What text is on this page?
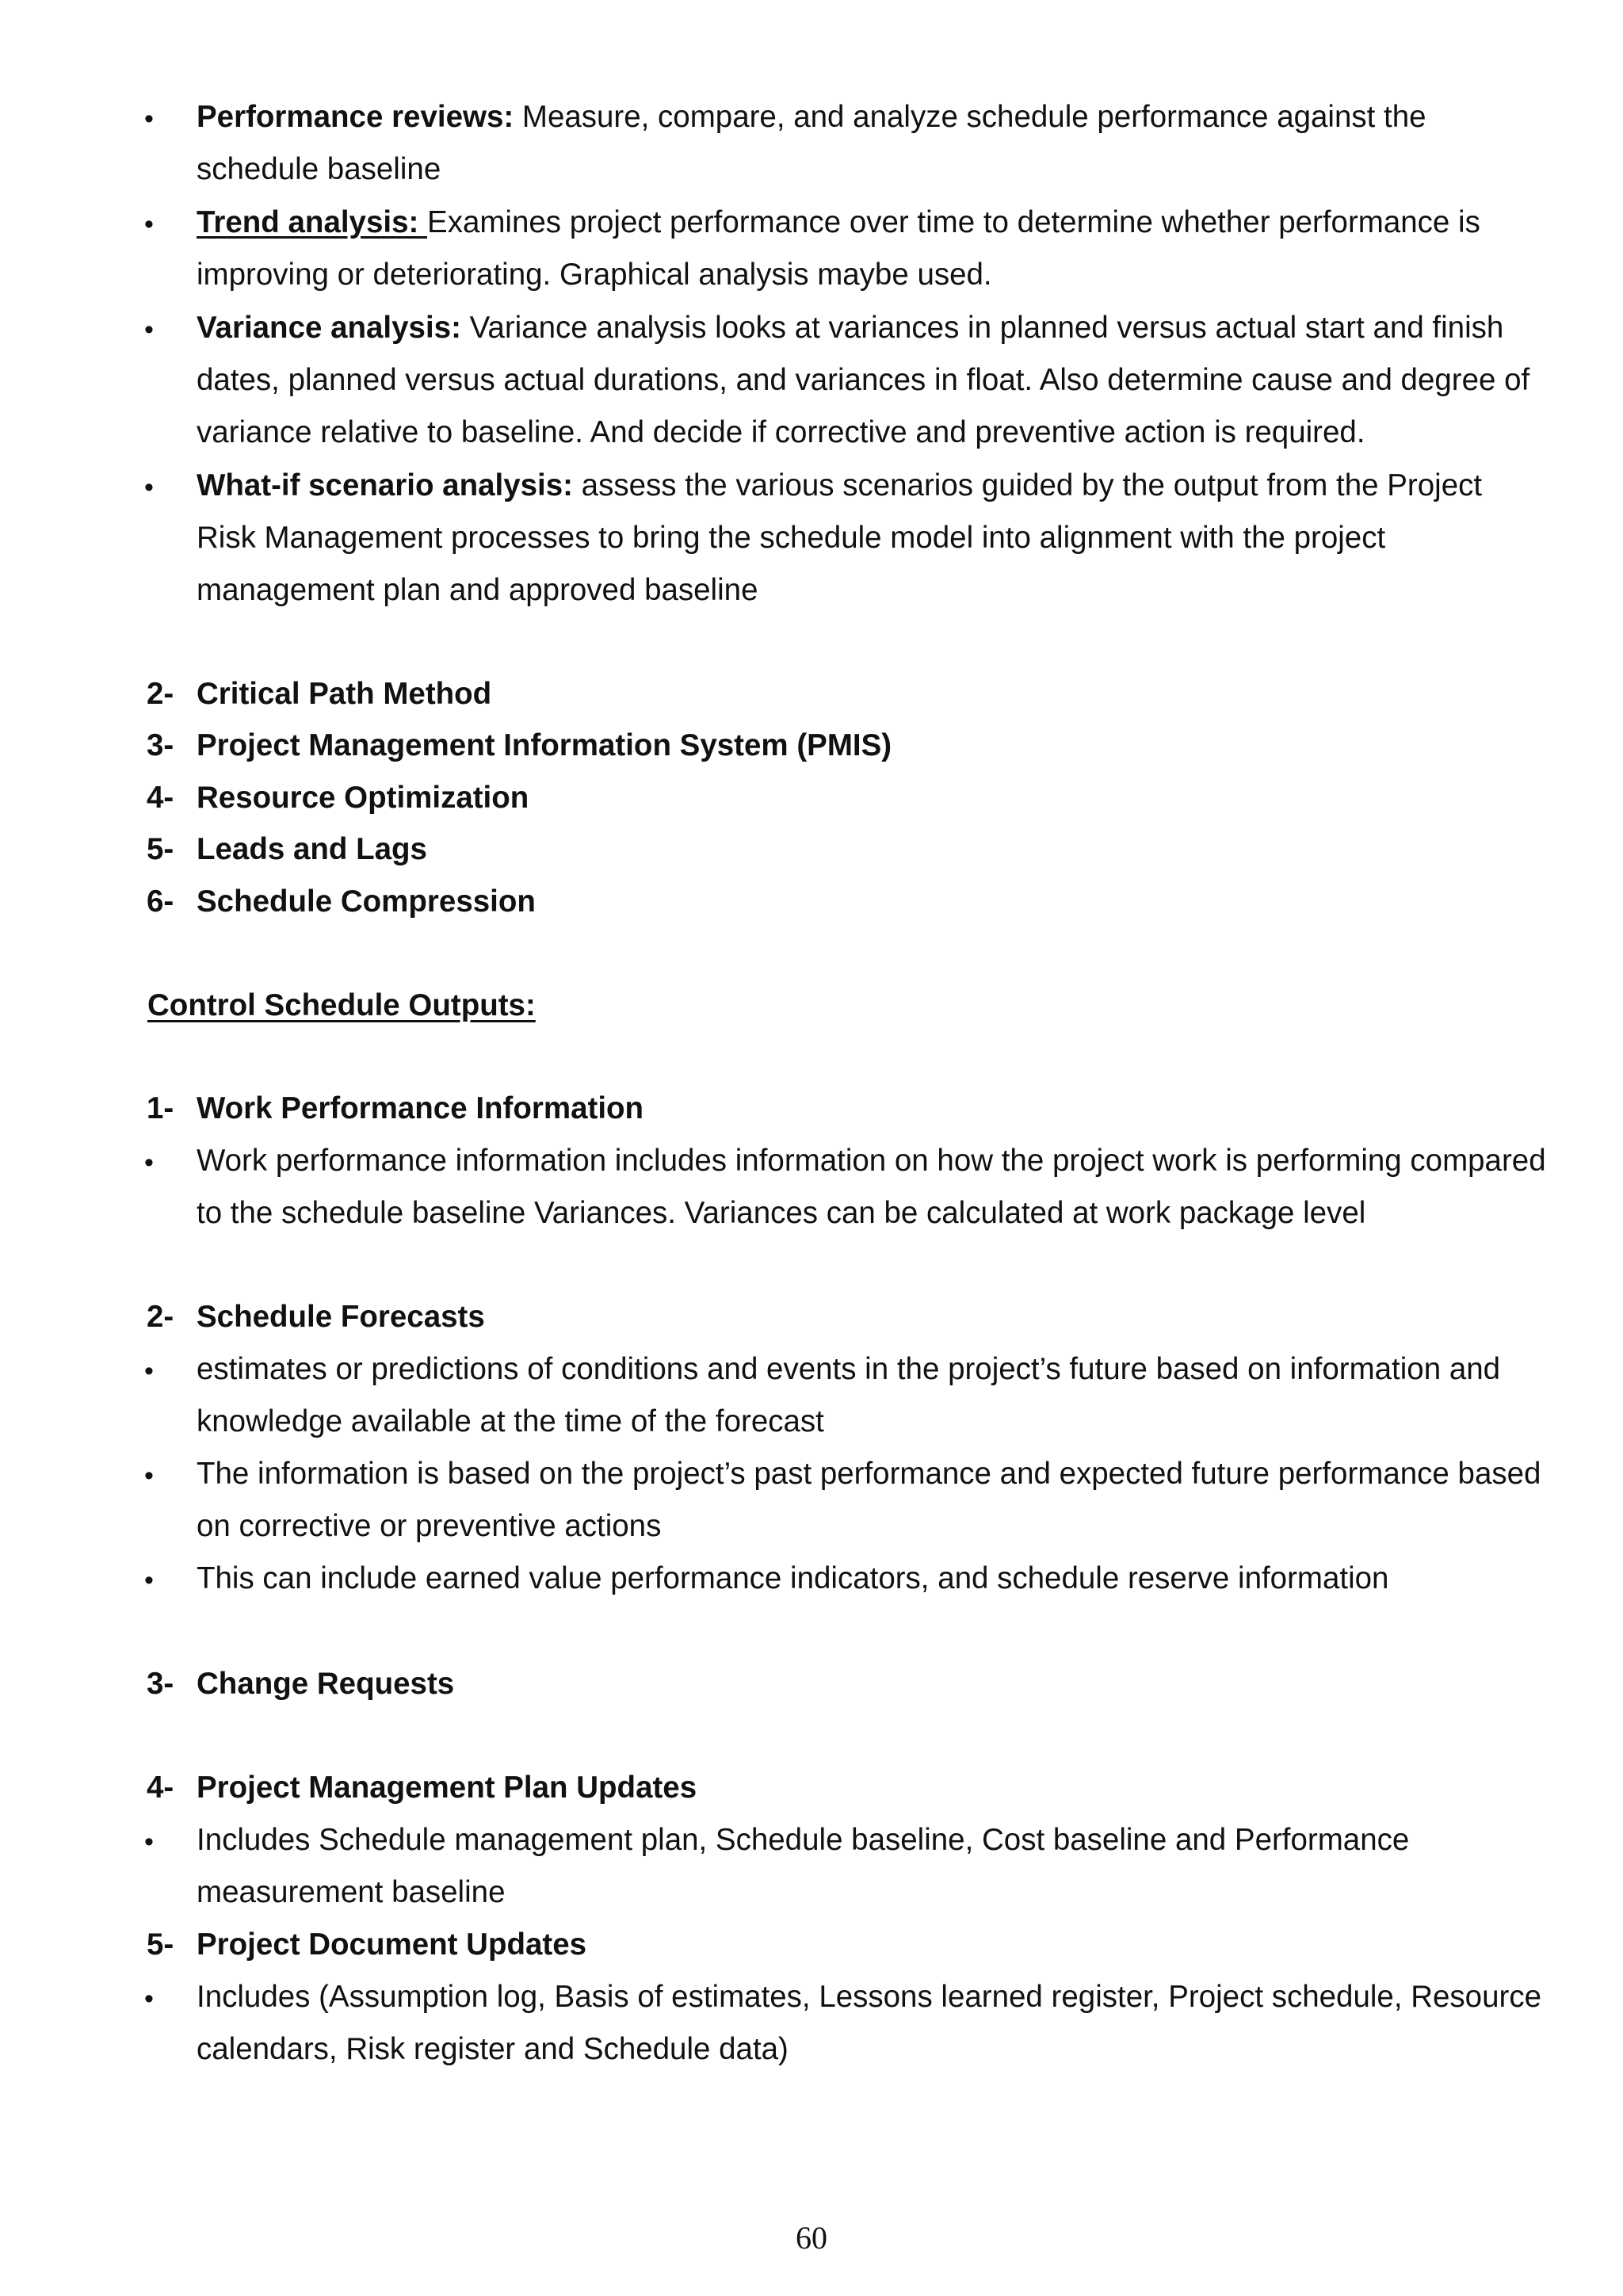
• Performance reviews: Measure, compare, and analyze schedule performance against the
schedule baseline
• Trend analysis: Examines project performance over time to determine whether performance is
improving or deteriorating. Graphical analysis maybe used.
• Variance analysis: Variance analysis looks at variances in planned versus actual start and finish
dates, planned versus actual durations, and variances in float. Also determine cause and degree of
variance relative to baseline. And decide if corrective and preventive action is required.
• What-if scenario analysis: assess the various scenarios guided by the output from the Project
Risk Management processes to bring the schedule model into alignment with the project
management plan and approved baseline
2- Critical Path Method
3- Project Management Information System (PMIS)
4- Resource Optimization
5- Leads and Lags
6- Schedule Compression
Control Schedule Outputs:
1- Work Performance Information
• Work performance information includes information on how the project work is performing compared
to the schedule baseline Variances. Variances can be calculated at work package level
2- Schedule Forecasts
• estimates or predictions of conditions and events in the project’s future based on information and
knowledge available at the time of the forecast
• The information is based on the project’s past performance and expected future performance based
on corrective or preventive actions
• This can include earned value performance indicators, and schedule reserve information
3- Change Requests
4- Project Management Plan Updates
• Includes Schedule management plan, Schedule baseline, Cost baseline and Performance
measurement baseline
5- Project Document Updates
• Includes (Assumption log, Basis of estimates, Lessons learned register, Project schedule, Resource
calendars, Risk register and Schedule data)
60
